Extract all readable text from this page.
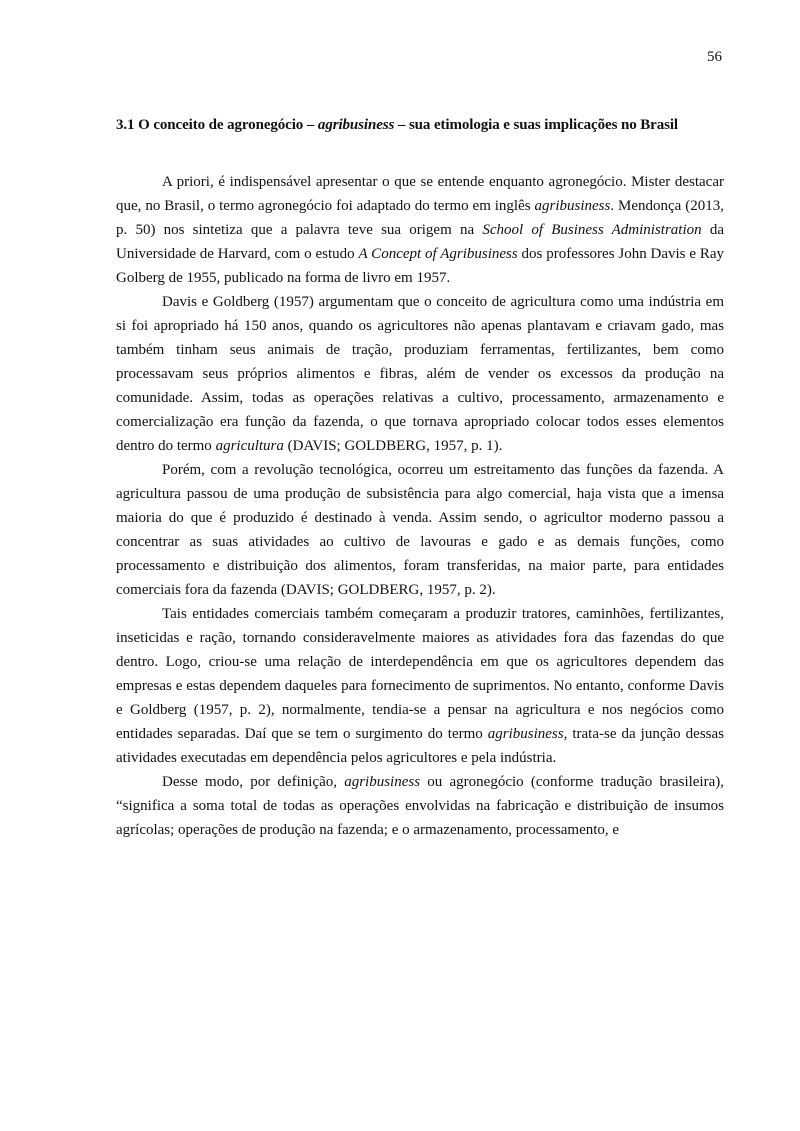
56
3.1 O conceito de agronegócio – agribusiness – sua etimologia e suas implicações no Brasil

A priori, é indispensável apresentar o que se entende enquanto agronegócio. Mister destacar que, no Brasil, o termo agronegócio foi adaptado do termo em inglês agribusiness. Mendonça (2013, p. 50) nos sintetiza que a palavra teve sua origem na School of Business Administration da Universidade de Harvard, com o estudo A Concept of Agribusiness dos professores John Davis e Ray Golberg de 1955, publicado na forma de livro em 1957.

Davis e Goldberg (1957) argumentam que o conceito de agricultura como uma indústria em si foi apropriado há 150 anos, quando os agricultores não apenas plantavam e criavam gado, mas também tinham seus animais de tração, produziam ferramentas, fertilizantes, bem como processavam seus próprios alimentos e fibras, além de vender os excessos da produção na comunidade. Assim, todas as operações relativas a cultivo, processamento, armazenamento e comercialização era função da fazenda, o que tornava apropriado colocar todos esses elementos dentro do termo agricultura (DAVIS; GOLDBERG, 1957, p. 1).

Porém, com a revolução tecnológica, ocorreu um estreitamento das funções da fazenda. A agricultura passou de uma produção de subsistência para algo comercial, haja vista que a imensa maioria do que é produzido é destinado à venda. Assim sendo, o agricultor moderno passou a concentrar as suas atividades ao cultivo de lavouras e gado e as demais funções, como processamento e distribuição dos alimentos, foram transferidas, na maior parte, para entidades comerciais fora da fazenda (DAVIS; GOLDBERG, 1957, p. 2).

Tais entidades comerciais também começaram a produzir tratores, caminhões, fertilizantes, inseticidas e ração, tornando consideravelmente maiores as atividades fora das fazendas do que dentro. Logo, criou-se uma relação de interdependência em que os agricultores dependem das empresas e estas dependem daqueles para fornecimento de suprimentos. No entanto, conforme Davis e Goldberg (1957, p. 2), normalmente, tendia-se a pensar na agricultura e nos negócios como entidades separadas. Daí que se tem o surgimento do termo agribusiness, trata-se da junção dessas atividades executadas em dependência pelos agricultores e pela indústria.

Desse modo, por definição, agribusiness ou agronegócio (conforme tradução brasileira), “significa a soma total de todas as operações envolvidas na fabricação e distribuição de insumos agrícolas; operações de produção na fazenda; e o armazenamento, processamento, e
